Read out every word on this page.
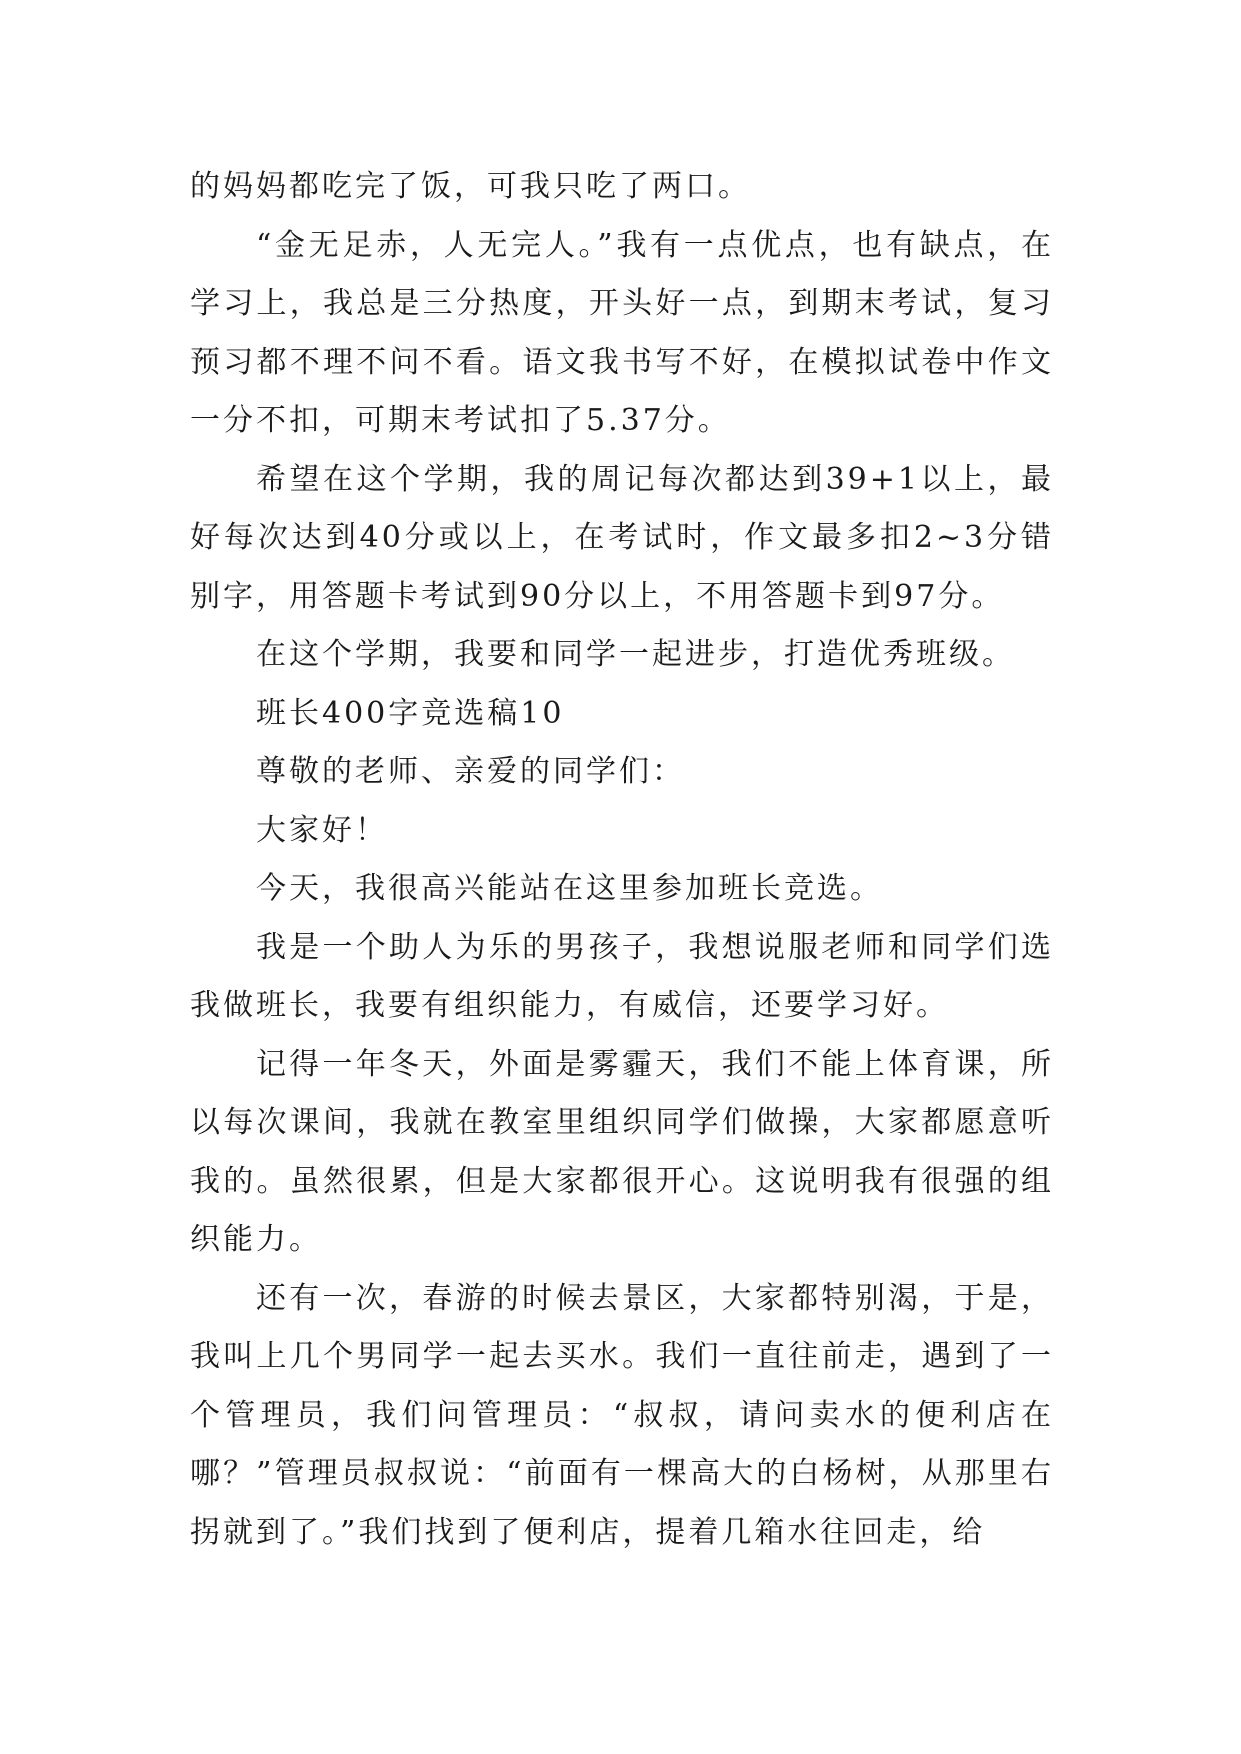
的妈妈都吃完了饭，可我只吃了两口。

“金无足赤，人无完人。”我有一点优点，也有缺点，在学习上，我总是三分热度，开头好一点，到期末考试，复习预习都不理不问不看。语文我书写不好，在模拟试卷中作文一分不扣，可期末考试扣了5.37分。

希望在这个学期，我的周记每次都达到39+1以上，最好每次达到40分或以上，在考试时，作文最多扣2~3分错别字，用答题卡考试到90分以上，不用答题卡到97分。

在这个学期，我要和同学一起进步，打造优秀班级。

班长400字竞选稿10

尊敬的老师、亲爱的同学们：

大家好！

今天，我很高兴能站在这里参加班长竞选。

我是一个助人为乐的男孩子，我想说服老师和同学们选我做班长，我要有组织能力，有威信，还要学习好。

记得一年冬天，外面是雾霾天，我们不能上体育课，所以每次课间，我就在教室里组织同学们做操，大家都愿意听我的。虽然很累，但是大家都很开心。这说明我有很强的组织能力。

还有一次，春游的时候去景区，大家都特别渴，于是，我叫上几个男同学一起去买水。我们一直往前走，遇到了一个管理员，我们问管理员：“叔叔，请问卖水的便利店在哪？”管理员叔叔说：“前面有一棵高大的白杨树，从那里右拐就到了。”我们找到了便利店，提着几箱水往回走，给
